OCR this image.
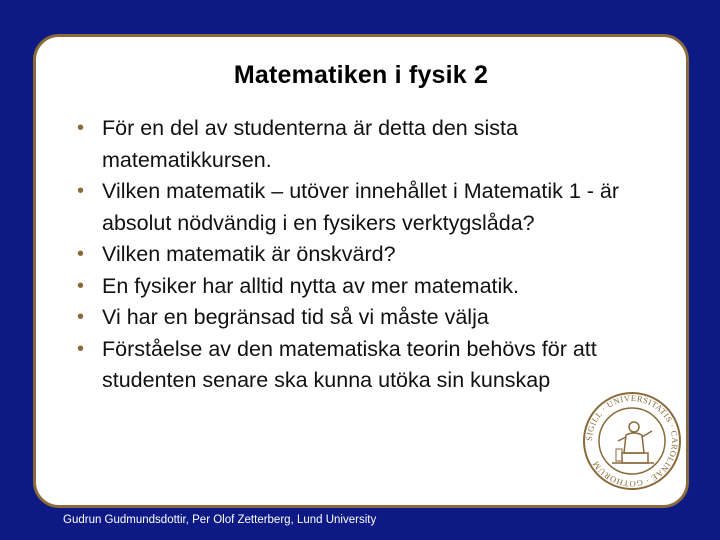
Matematiken i fysik 2
• För en del av studenterna är detta den sista matematikkursen.
• Vilken matematik – utöver innehållet i Matematik 1 - är absolut nödvändig i en fysikers verktygslåda?
• Vilken matematik är önskvärd?
• En fysiker har alltid nytta av mer matematik.
• Vi har en begränsad tid så vi måste välja
• Förståelse av den matematiska teorin behövs för att studenten senare ska kunna utöka sin kunskap
SIGILL · UNIVERSITATIS · CAROLINAE · GOTHORUM
Gudrun Gudmundsdottir, Per Olof Zetterberg, Lund University
